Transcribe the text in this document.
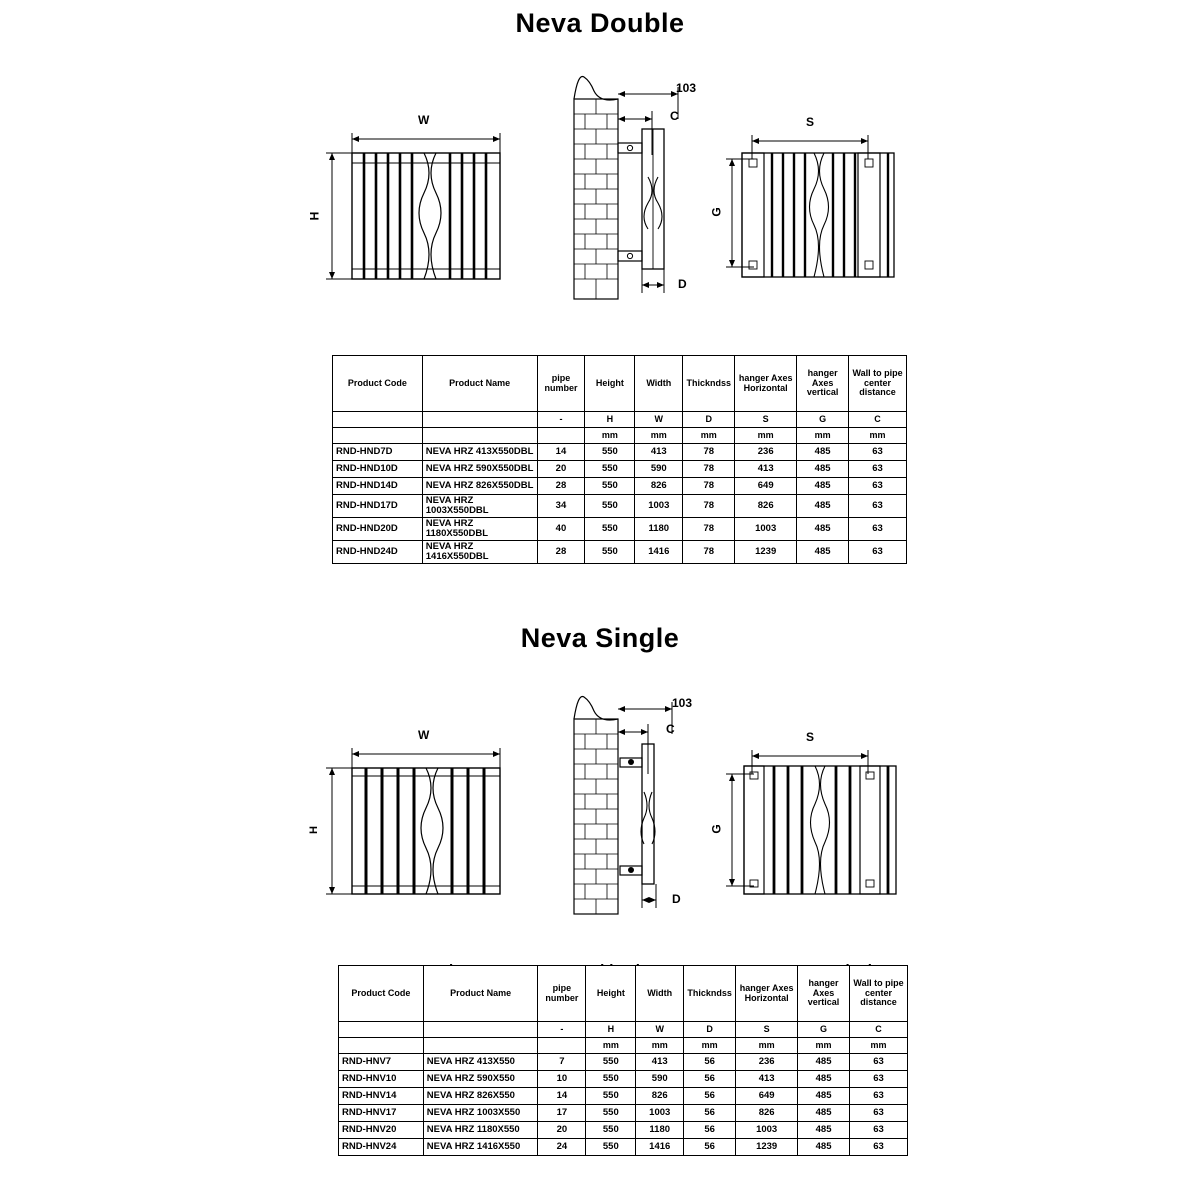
Neva Double
W
H
103
C
D
S
G
Product Code	Product Name	pipe number	Height	Width	Thickndss	hanger Axes Horizontal	hanger Axes vertical	Wall to pipe center distance
		-	H	W	D	S	G	C
			mm	mm	mm	mm	mm	mm
RND-HND7D	NEVA HRZ 413X550DBL	14	550	413	78	236	485	63
RND-HND10D	NEVA HRZ 590X550DBL	20	550	590	78	413	485	63
RND-HND14D	NEVA HRZ 826X550DBL	28	550	826	78	649	485	63
RND-HND17D	NEVA HRZ 1003X550DBL	34	550	1003	78	826	485	63
RND-HND20D	NEVA HRZ 1180X550DBL	40	550	1180	78	1003	485	63
RND-HND24D	NEVA HRZ 1416X550DBL	28	550	1416	78	1239	485	63
Neva Single
W
H
103
C
D
S
G
Product Code	Product Name	pipe number	Height	Width	Thickndss	hanger Axes Horizontal	hanger Axes vertical	Wall to pipe center distance
		-	H	W	D	S	G	C
			mm	mm	mm	mm	mm	mm
RND-HNV7	NEVA HRZ 413X550	7	550	413	56	236	485	63
RND-HNV10	NEVA HRZ 590X550	10	550	590	56	413	485	63
RND-HNV14	NEVA HRZ 826X550	14	550	826	56	649	485	63
RND-HNV17	NEVA HRZ 1003X550	17	550	1003	56	826	485	63
RND-HNV20	NEVA HRZ 1180X550	20	550	1180	56	1003	485	63
RND-HNV24	NEVA HRZ 1416X550	24	550	1416	56	1239	485	63
